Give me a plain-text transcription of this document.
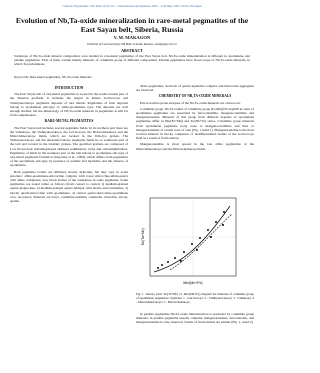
Granitic Pegmatites: The State of the Art – International Symposium. 06th – 12th May 2007. Porto, Portugal
Evolution of Nb,Ta-oxide mineralization in rare-metal pegmatites of the East Sayan belt, Siberia, Russia
V. M. MAKAGON
Institute of Geochemistry SB RAS, Irkutsk, Russia, vmak@igc.irk.ru
ABSTRACT
Variations of Nb,Ta-oxide mineral composition were studied in rare-metal pegmatites of the East Sayan belt. Nb,Ta-oxide mineralization is different in spodumene and petalite pegmatites. First of them contain mainly minerals of columbite group of different composition. Petalite pegmatites have broad scope of Nb,Ta-oxide minerals, in which Ta predominate.
Keywords: Rare-metal pegmatites, Nb,Ta-oxide minerals.
INTRODUCTION

The East Sayan belt of rare-metal pegmatites is located in the south-western part of the Siberian platform. It includes the largest in Russia Gol'tsovoye and Vishnyakovskoye pegmatite deposits of rare metals. Pegmatites of both deposits belong to spodumene sub-type of albite-spodumene type. The deposits are well enough studied, but the mineralogy of Nb,Ta-oxide minerals in pegmatites is still far from completeness.

RARE-METAL PEGMATITES

The East Sayan belt includes several pegmatite fields. In its northern part there are the Urikskoye, the Vishnyakovskoye, the Gol'tsovoye, the Belorechenskoye and the Malovishnevskoye fields, which are located in the Urik-Iya graben. The Vishnyakovskoye and the Alexandrovskoye pegmatite fields lie to southwest part of the belt and located in the Gladsky graben. The specified grabens are composed of Low Proterozoic metamorphosed albitized sedimentary rocks and orthoamphibolites. Pegmatites of fields in the southeast part of the belt belong to spodumene sub-type of rare-metal pegmatite formation (Zagorsky et al., 1999), which differs from pegmatites of the spodumene sub-type by presence of petalite and lepidolite and the absence of spodumene.

Both pegmatite bodies are albitized, mostly dyke-like, but they vary in zonal structure: albite-spodumene-microcline complex with lower microcline-albite-quartz with albite complexes; four block bodies of the complexes in some pegmatite. Some pegmatites are zoned rather as follows (from contact to center) 1) medium-grained quartz-plagioclase, 2) medium-grained quartz-feldspar with biotite and tourmaline, 3) blocky quartz-microcline with spodumene, 4) central quartz-microcline-spodumene core. Accessory minerals are beryl, columbite-tantalite, cassiterite, microlite, zircon, apatite.

albite pegmatites. Sections of quartz-lepidolite complex and muscovite aggregates are observed.

CHEMISTRY OF NB,TA-OXIDE MINERALS

Electron microprobe analyses of the Nb,Ta-oxide minerals are carried out.

Columbite group. Nb,Ta-oxides of columbite group (Fe,Mn)(Nb,Ta)2O6 in veins of spodumene pegmatites are presented by ferrocolumbite, manganocolumbite and manganotantalite. Minerals of this group from different deposits of spodumene pegmatites differ in Mn/(Fe+Mn) and Ta/(Nb+Ta) ratios. Columbite group minerals from spodumene pegmatite body zone to manganocolumbite and then to manganotantalite of central zone of vein (Fig. 1 trend 1). Manganotantalite is the most evolved mineral in blocky complexes of undifferentiated bodies of the Gol'tsovoye field as a result of fractionation.

Manganotantalite is most spread in the late albite pegmatites of the Malovishnevskoye and the Belorechenskoye fields.

Mn/(Mn+Fe)
Ta/(Ta+Nb)
Fig. 1. Ternary plots Ta/(Ta+Nb) vs. Mn/(Mn+Fe) diagram for minerals of columbite group of spodumene pegmatites. Symbols: 1 - Gol'tsovoye; 2 - Vishnyakovskoye; 3 - Urikskoye; 4 - Malovishnevskoye; 5 - Belorechenskoye.

In petalite pegmatites Nb,Ta-oxide mineralization is presented by columbite group minerals; in petalite pegmatite usually comprise manganotantalite, ferrotantalite, and manganotantalite is only observed. Trends of fractionation are similar (Fig. 1, trend 2).
